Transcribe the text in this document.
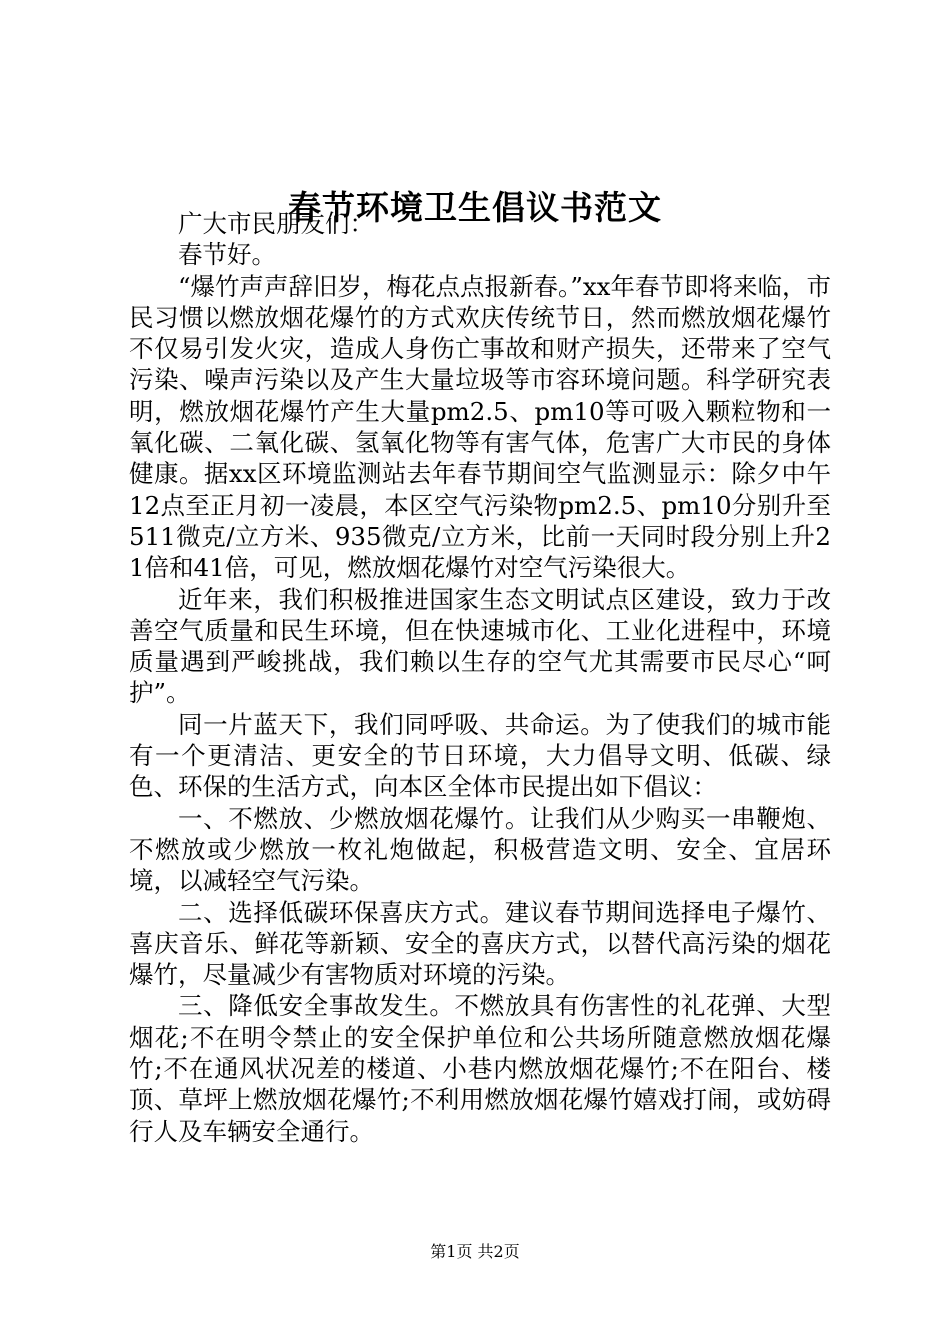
春节环境卫生倡议书范文

广大市民朋友们：

春节好。

“爆竹声声辞旧岁，梅花点点报新春。”xx年春节即将来临，市民习惯以燃放烟花爆竹的方式欢庆传统节日，然而燃放烟花爆竹不仅易引发火灾，造成人身伤亡事故和财产损失，还带来了空气污染、噪声污染以及产生大量垃圾等市容环境问题。科学研究表明，燃放烟花爆竹产生大量pm2.5、pm10等可吸入颗粒物和一氧化碳、二氧化碳、氢氧化物等有害气体，危害广大市民的身体健康。据xx区环境监测站去年春节期间空气监测显示：除夕中午12点至正月初一凌晨，本区空气污染物pm2.5、pm10分别升至511微克/立方米、935微克/立方米，比前一天同时段分别上升21倍和41倍，可见，燃放烟花爆竹对空气污染很大。

近年来，我们积极推进国家生态文明试点区建设，致力于改善空气质量和民生环境，但在快速城市化、工业化进程中，环境质量遇到严峻挑战，我们赖以生存的空气尤其需要市民尽心“呵护”。

同一片蓝天下，我们同呼吸、共命运。为了使我们的城市能有一个更清洁、更安全的节日环境，大力倡导文明、低碳、绿色、环保的生活方式，向本区全体市民提出如下倡议：

一、不燃放、少燃放烟花爆竹。让我们从少购买一串鞭炮、不燃放或少燃放一枚礼炮做起，积极营造文明、安全、宜居环境，以减轻空气污染。

二、选择低碳环保喜庆方式。建议春节期间选择电子爆竹、喜庆音乐、鲜花等新颖、安全的喜庆方式，以替代高污染的烟花爆竹，尽量减少有害物质对环境的污染。

三、降低安全事故发生。不燃放具有伤害性的礼花弹、大型烟花;不在明令禁止的安全保护单位和公共场所随意燃放烟花爆竹;不在通风状况差的楼道、小巷内燃放烟花爆竹;不在阳台、楼顶、草坪上燃放烟花爆竹;不利用燃放烟花爆竹嬉戏打闹，或妨碍行人及车辆安全通行。

第1页 共2页
